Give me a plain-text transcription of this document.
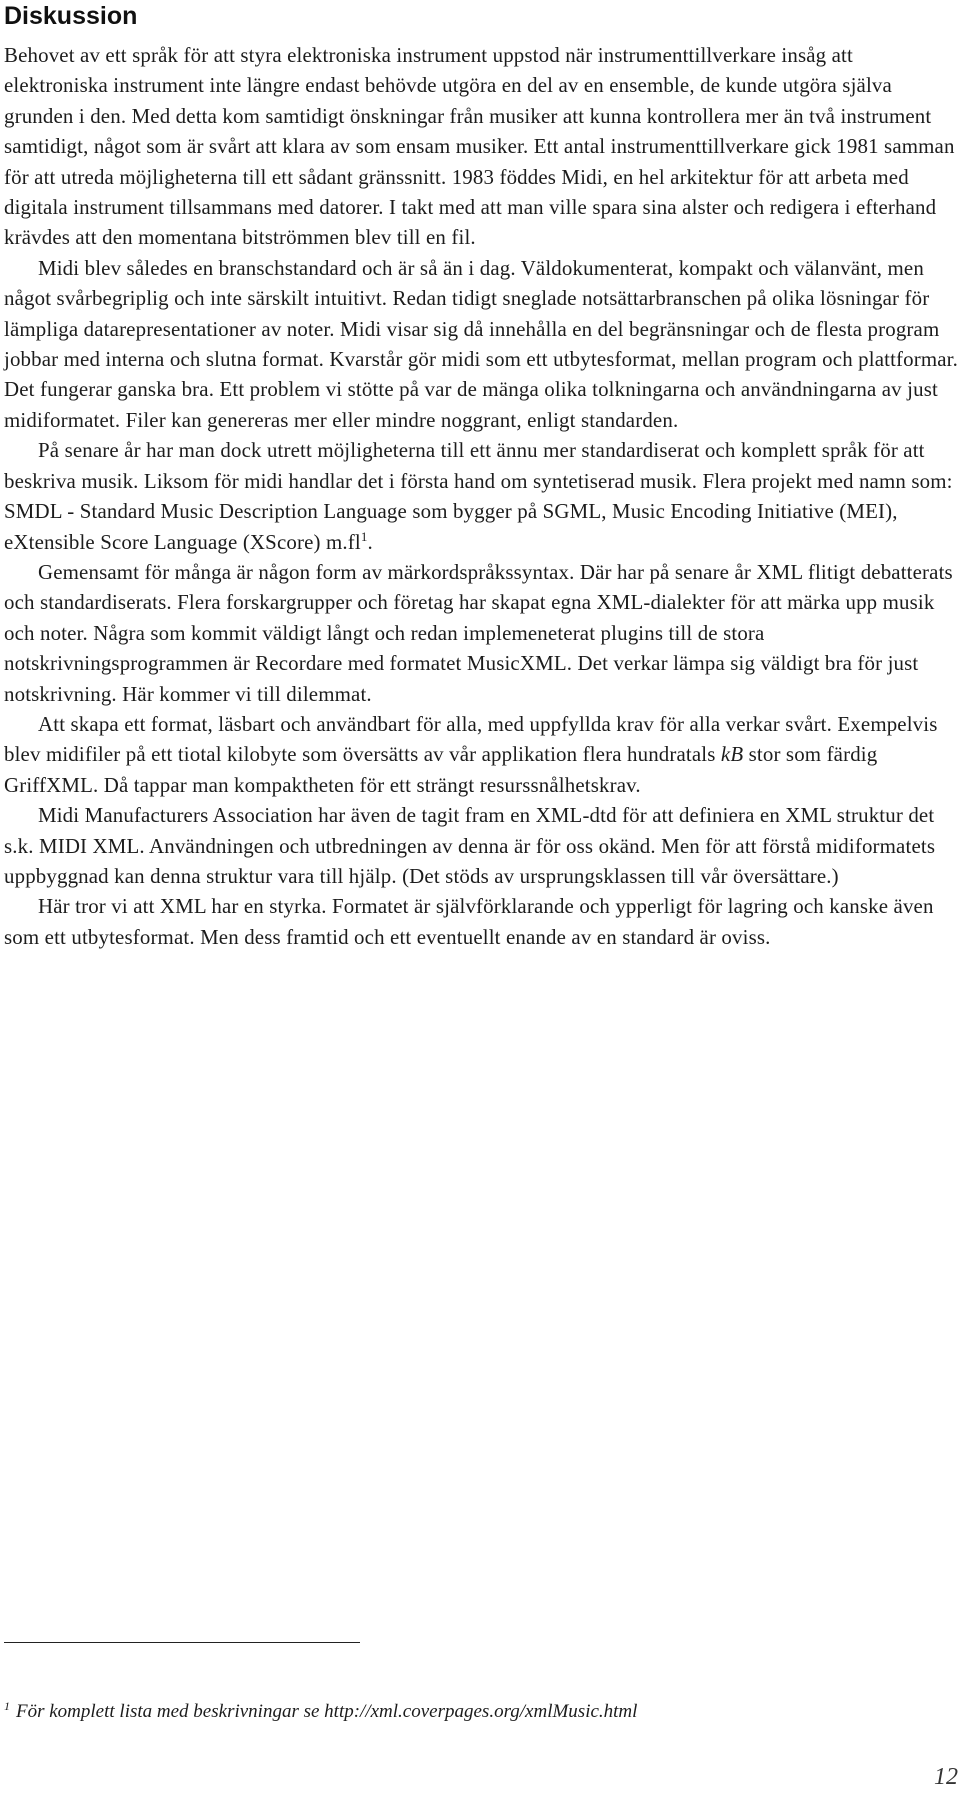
Diskussion

Behovet av ett språk för att styra elektroniska instrument uppstod när instrumenttillverkare insåg att elektroniska instrument inte längre endast behövde utgöra en del av en ensemble, de kunde utgöra själva grunden i den. Med detta kom samtidigt önskningar från musiker att kunna kontrollera mer än två instrument samtidigt, något som är svårt att klara av som ensam musiker. Ett antal instrumenttillverkare gick 1981 samman för att utreda möjligheterna till ett sådant gränssnitt. 1983 föddes Midi, en hel arkitektur för att arbeta med digitala instrument tillsammans med datorer. I takt med att man ville spara sina alster och redigera i efterhand krävdes att den momentana bitströmmen blev till en fil.

Midi blev således en branschstandard och är så än i dag. Väldokumenterat, kompakt och välanvänt, men något svårbegriplig och inte särskilt intuitivt. Redan tidigt sneglade notsättarbranschen på olika lösningar för lämpliga datarepresentationer av noter. Midi visar sig då innehålla en del begränsningar och de flesta program jobbar med interna och slutna format. Kvarstår gör midi som ett utbytesformat, mellan program och plattformar. Det fungerar ganska bra. Ett problem vi stötte på var de mänga olika tolkningarna och användningarna av just midiformatet. Filer kan genereras mer eller mindre noggrant, enligt standarden.

På senare år har man dock utrett möjligheterna till ett ännu mer standardiserat och komplett språk för att beskriva musik. Liksom för midi handlar det i första hand om syntetiserad musik. Flera projekt med namn som: SMDL - Standard Music Description Language som bygger på SGML, Music Encoding Initiative (MEI), eXtensible Score Language (XScore) $m.fl^1$.

Gemensamt för många är någon form av märkordspråkssyntax. Där har på senare år XML flitigt debatterats och standardiserats. Flera forskargrupper och företag har skapat egna XML-dialekter för att märka upp musik och noter. Några som kommit väldigt långt och redan implemeneterat plugins till de stora notskrivningsprogrammen är Recordare med formatet MusicXML. Det verkar lämpa sig väldigt bra för just notskrivning. Här kommer vi till dilemmat.

Att skapa ett format, läsbart och användbart för alla, med uppfyllda krav för alla verkar svårt. Exempelvis blev midifiler på ett tiotal kilobyte som översätts av vår applikation flera hundratals kB stor som färdig GriffXML. Då tappar man kompaktheten för ett strängt resurssnålhetskrav.

Midi Manufacturers Association har även de tagit fram en XML-dtd för att definiera en XML struktur det s.k. MIDI XML. Användningen och utbredningen av denna är för oss okänd. Men för att förstå midiformatets uppbyggnad kan denna struktur vara till hjälp. (Det stöds av ursprungsklassen till vår översättare.)

Här tror vi att XML har en styrka. Formatet är självförklarande och ypperligt för lagring och kanske även som ett utbytesformat. Men dess framtid och ett eventuellt enande av en standard är oviss.

$^1$ För komplett lista med beskrivningar se http://xml.coverpages.org/xmlMusic.html
12
